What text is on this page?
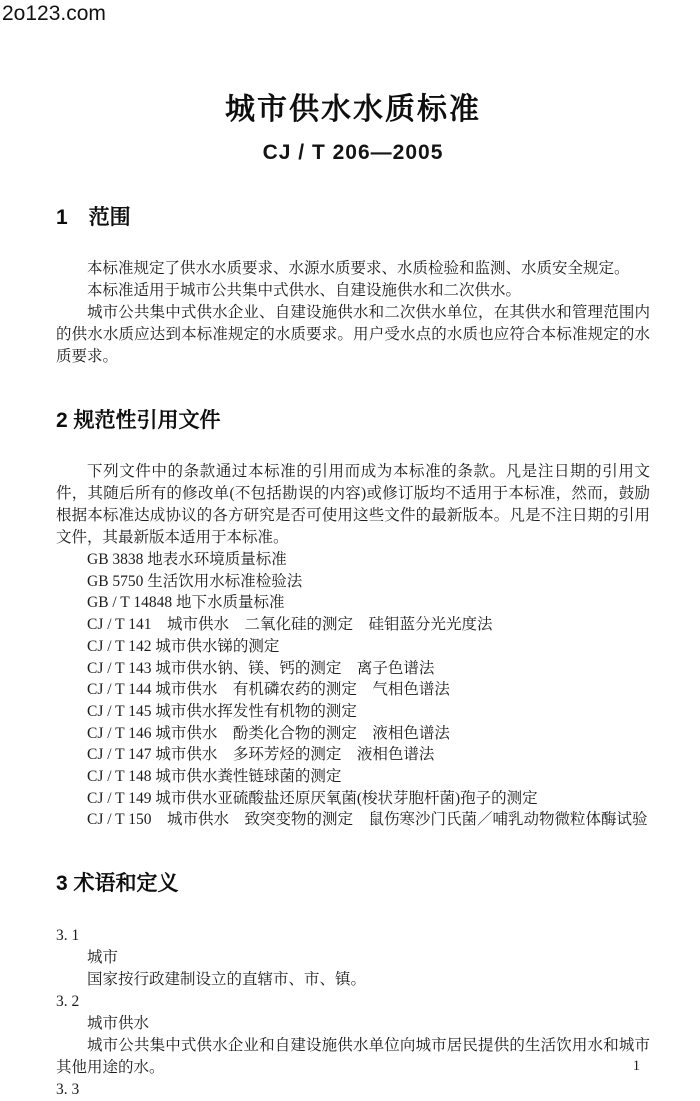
2o123.com
城市供水水质标准
CJ / T 206—2005
1　范围

本标准规定了供水水质要求、水源水质要求、水质检验和监测、水质安全规定。

本标准适用于城市公共集中式供水、自建设施供水和二次供水。

城市公共集中式供水企业、自建设施供水和二次供水单位，在其供水和管理范围内的供水水质应达到本标准规定的水质要求。用户受水点的水质也应符合本标准规定的水质要求。

2 规范性引用文件

下列文件中的条款通过本标准的引用而成为本标准的条款。凡是注日期的引用文件，其随后所有的修改单(不包括勘误的内容)或修订版均不适用于本标准，然而，鼓励根据本标准达成协议的各方研究是否可使用这些文件的最新版本。凡是不注日期的引用文件，其最新版本适用于本标准。

GB 3838 地表水环境质量标准
GB 5750 生活饮用水标准检验法
GB / T 14848 地下水质量标准
CJ / T 141　城市供水　二氧化硅的测定　硅钼蓝分光光度法
CJ / T 142 城市供水锑的测定
CJ / T 143 城市供水钠、镁、钙的测定　离子色谱法
CJ / T 144 城市供水　有机磷农药的测定　气相色谱法
CJ / T 145 城市供水挥发性有机物的测定
CJ / T 146 城市供水　酚类化合物的测定　液相色谱法
CJ / T 147 城市供水　多环芳烃的测定　液相色谱法
CJ / T 148 城市供水粪性链球菌的测定
CJ / T 149 城市供水亚硫酸盐还原厌氧菌(梭状芽胞杆菌)孢子的测定
CJ / T 150　城市供水　致突变物的测定　鼠伤寒沙门氏菌／哺乳动物微粒体酶试验
3 术语和定义
3. 1
城市

国家按行政建制设立的直辖市、市、镇。

3. 2
城市供水

城市公共集中式供水企业和自建设施供水单位向城市居民提供的生活饮用水和城市其他用途的水。

3. 3
1
